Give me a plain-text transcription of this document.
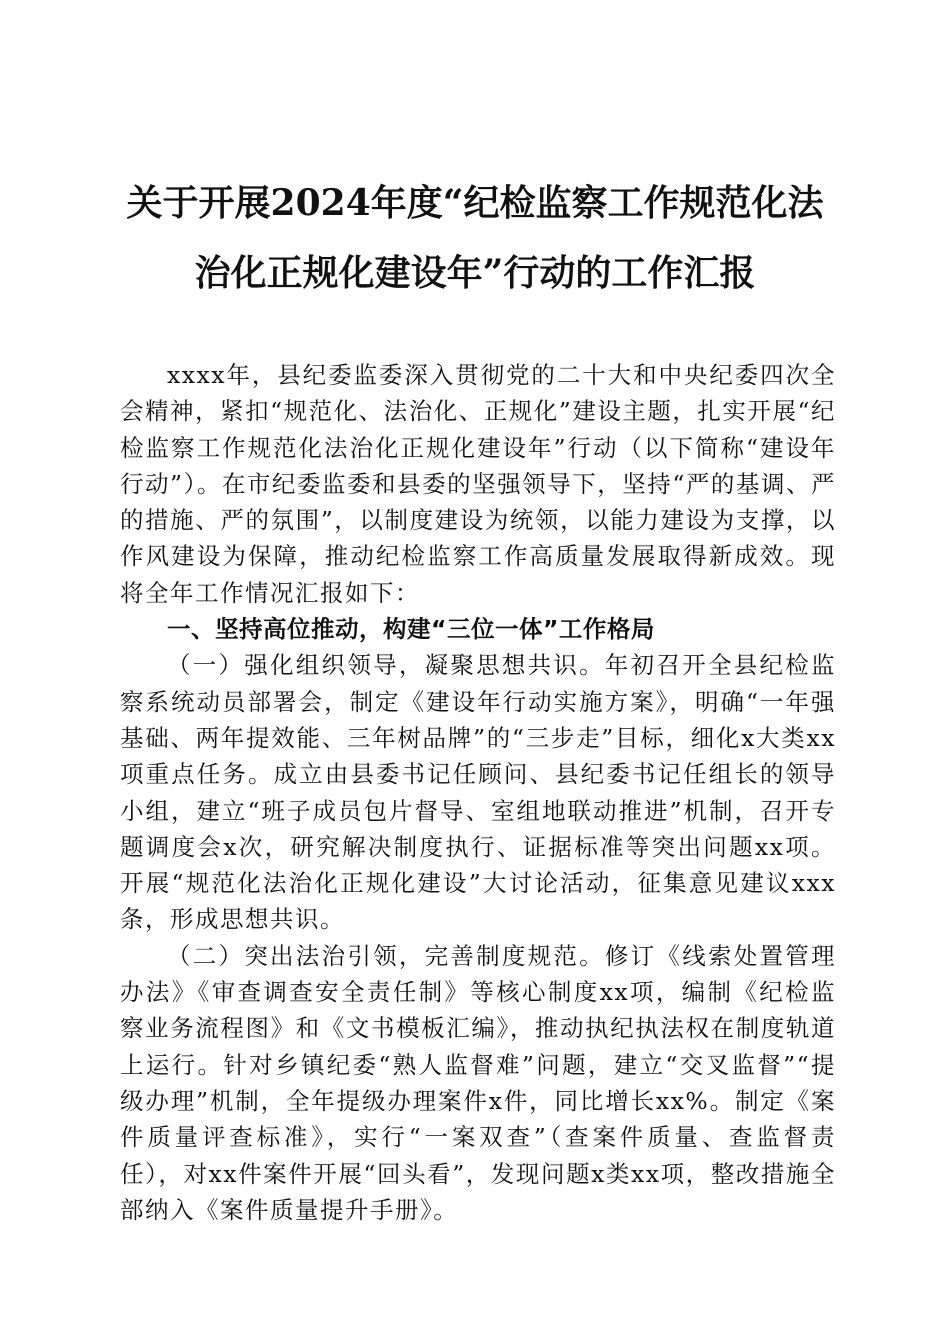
关于开展2024年度“纪检监察工作规范化法
治化正规化建设年”行动的工作汇报

xxxx年，县纪委监委深入贯彻党的二十大和中央纪委四次全会精神，紧扣“规范化、法治化、正规化”建设主题，扎实开展“纪检监察工作规范化法治化正规化建设年”行动（以下简称“建设年行动”）。在市纪委监委和县委的坚强领导下，坚持“严的基调、严的措施、严的氛围”，以制度建设为统领，以能力建设为支撑，以作风建设为保障，推动纪检监察工作高质量发展取得新成效。现将全年工作情况汇报如下：

一、坚持高位推动，构建“三位一体”工作格局

（一）强化组织领导，凝聚思想共识。年初召开全县纪检监察系统动员部署会，制定《建设年行动实施方案》，明确“一年强基础、两年提效能、三年树品牌”的“三步走”目标，细化x大类xx项重点任务。成立由县委书记任顾问、县纪委书记任组长的领导小组，建立“班子成员包片督导、室组地联动推进”机制，召开专题调度会x次，研究解决制度执行、证据标准等突出问题xx项。开展“规范化法治化正规化建设”大讨论活动，征集意见建议xxx条，形成思想共识。

（二）突出法治引领，完善制度规范。修订《线索处置管理办法》《审查调查安全责任制》等核心制度xx项，编制《纪检监察业务流程图》和《文书模板汇编》，推动执纪执法权在制度轨道上运行。针对乡镇纪委“熟人监督难”问题，建立“交叉监督”“提级办理”机制，全年提级办理案件x件，同比增长xx%。制定《案件质量评查标准》，实行“一案双查”（查案件质量、查监督责任），对xx件案件开展“回头看”，发现问题x类xx项，整改措施全部纳入《案件质量提升手册》。
